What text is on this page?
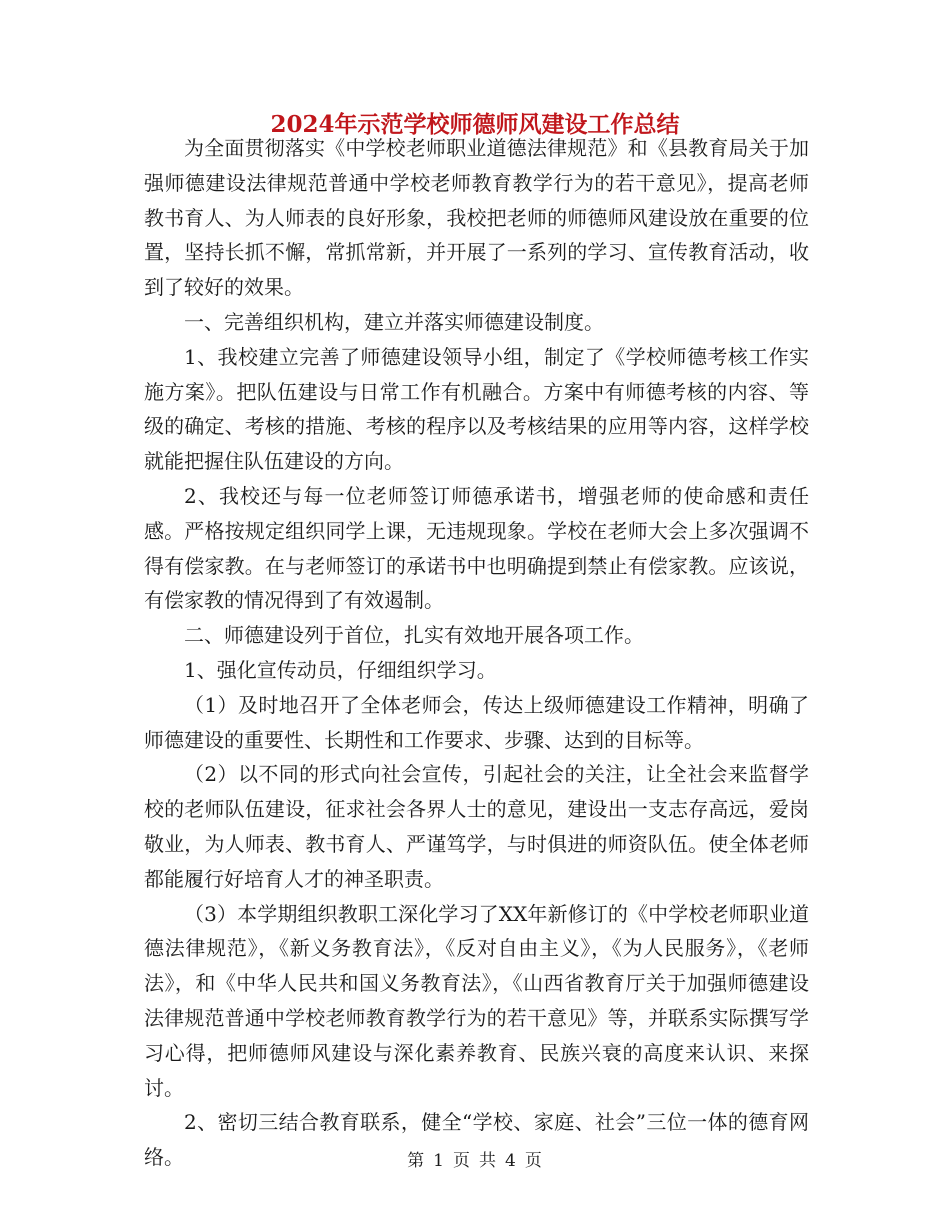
2024年示范学校师德师风建设工作总结

为全面贯彻落实《中学校老师职业道德法律规范》和《县教育局关于加强师德建设法律规范普通中学校老师教育教学行为的若干意见》，提高老师教书育人、为人师表的良好形象，我校把老师的师德师风建设放在重要的位置，坚持长抓不懈，常抓常新，并开展了一系列的学习、宣传教育活动，收到了较好的效果。

一、完善组织机构，建立并落实师德建设制度。

1、我校建立完善了师德建设领导小组，制定了《学校师德考核工作实施方案》。把队伍建设与日常工作有机融合。方案中有师德考核的内容、等级的确定、考核的措施、考核的程序以及考核结果的应用等内容，这样学校就能把握住队伍建设的方向。

2、我校还与每一位老师签订师德承诺书，增强老师的使命感和责任感。严格按规定组织同学上课，无违规现象。学校在老师大会上多次强调不得有偿家教。在与老师签订的承诺书中也明确提到禁止有偿家教。应该说，有偿家教的情况得到了有效遏制。

二、师德建设列于首位，扎实有效地开展各项工作。

1、强化宣传动员，仔细组织学习。

（1）及时地召开了全体老师会，传达上级师德建设工作精神，明确了师德建设的重要性、长期性和工作要求、步骤、达到的目标等。

（2）以不同的形式向社会宣传，引起社会的关注，让全社会来监督学校的老师队伍建设，征求社会各界人士的意见，建设出一支志存高远，爱岗敬业，为人师表、教书育人、严谨笃学，与时俱进的师资队伍。使全体老师都能履行好培育人才的神圣职责。

（3）本学期组织教职工深化学习了XX年新修订的《中学校老师职业道德法律规范》，《新义务教育法》，《反对自由主义》，《为人民服务》，《老师法》，和《中华人民共和国义务教育法》，《山西省教育厅关于加强师德建设法律规范普通中学校老师教育教学行为的若干意见》等，并联系实际撰写学习心得，把师德师风建设与深化素养教育、民族兴衰的高度来认识、来探讨。

2、密切三结合教育联系，健全“学校、家庭、社会”三位一体的德育网络。	第 1 页 共 4 页
